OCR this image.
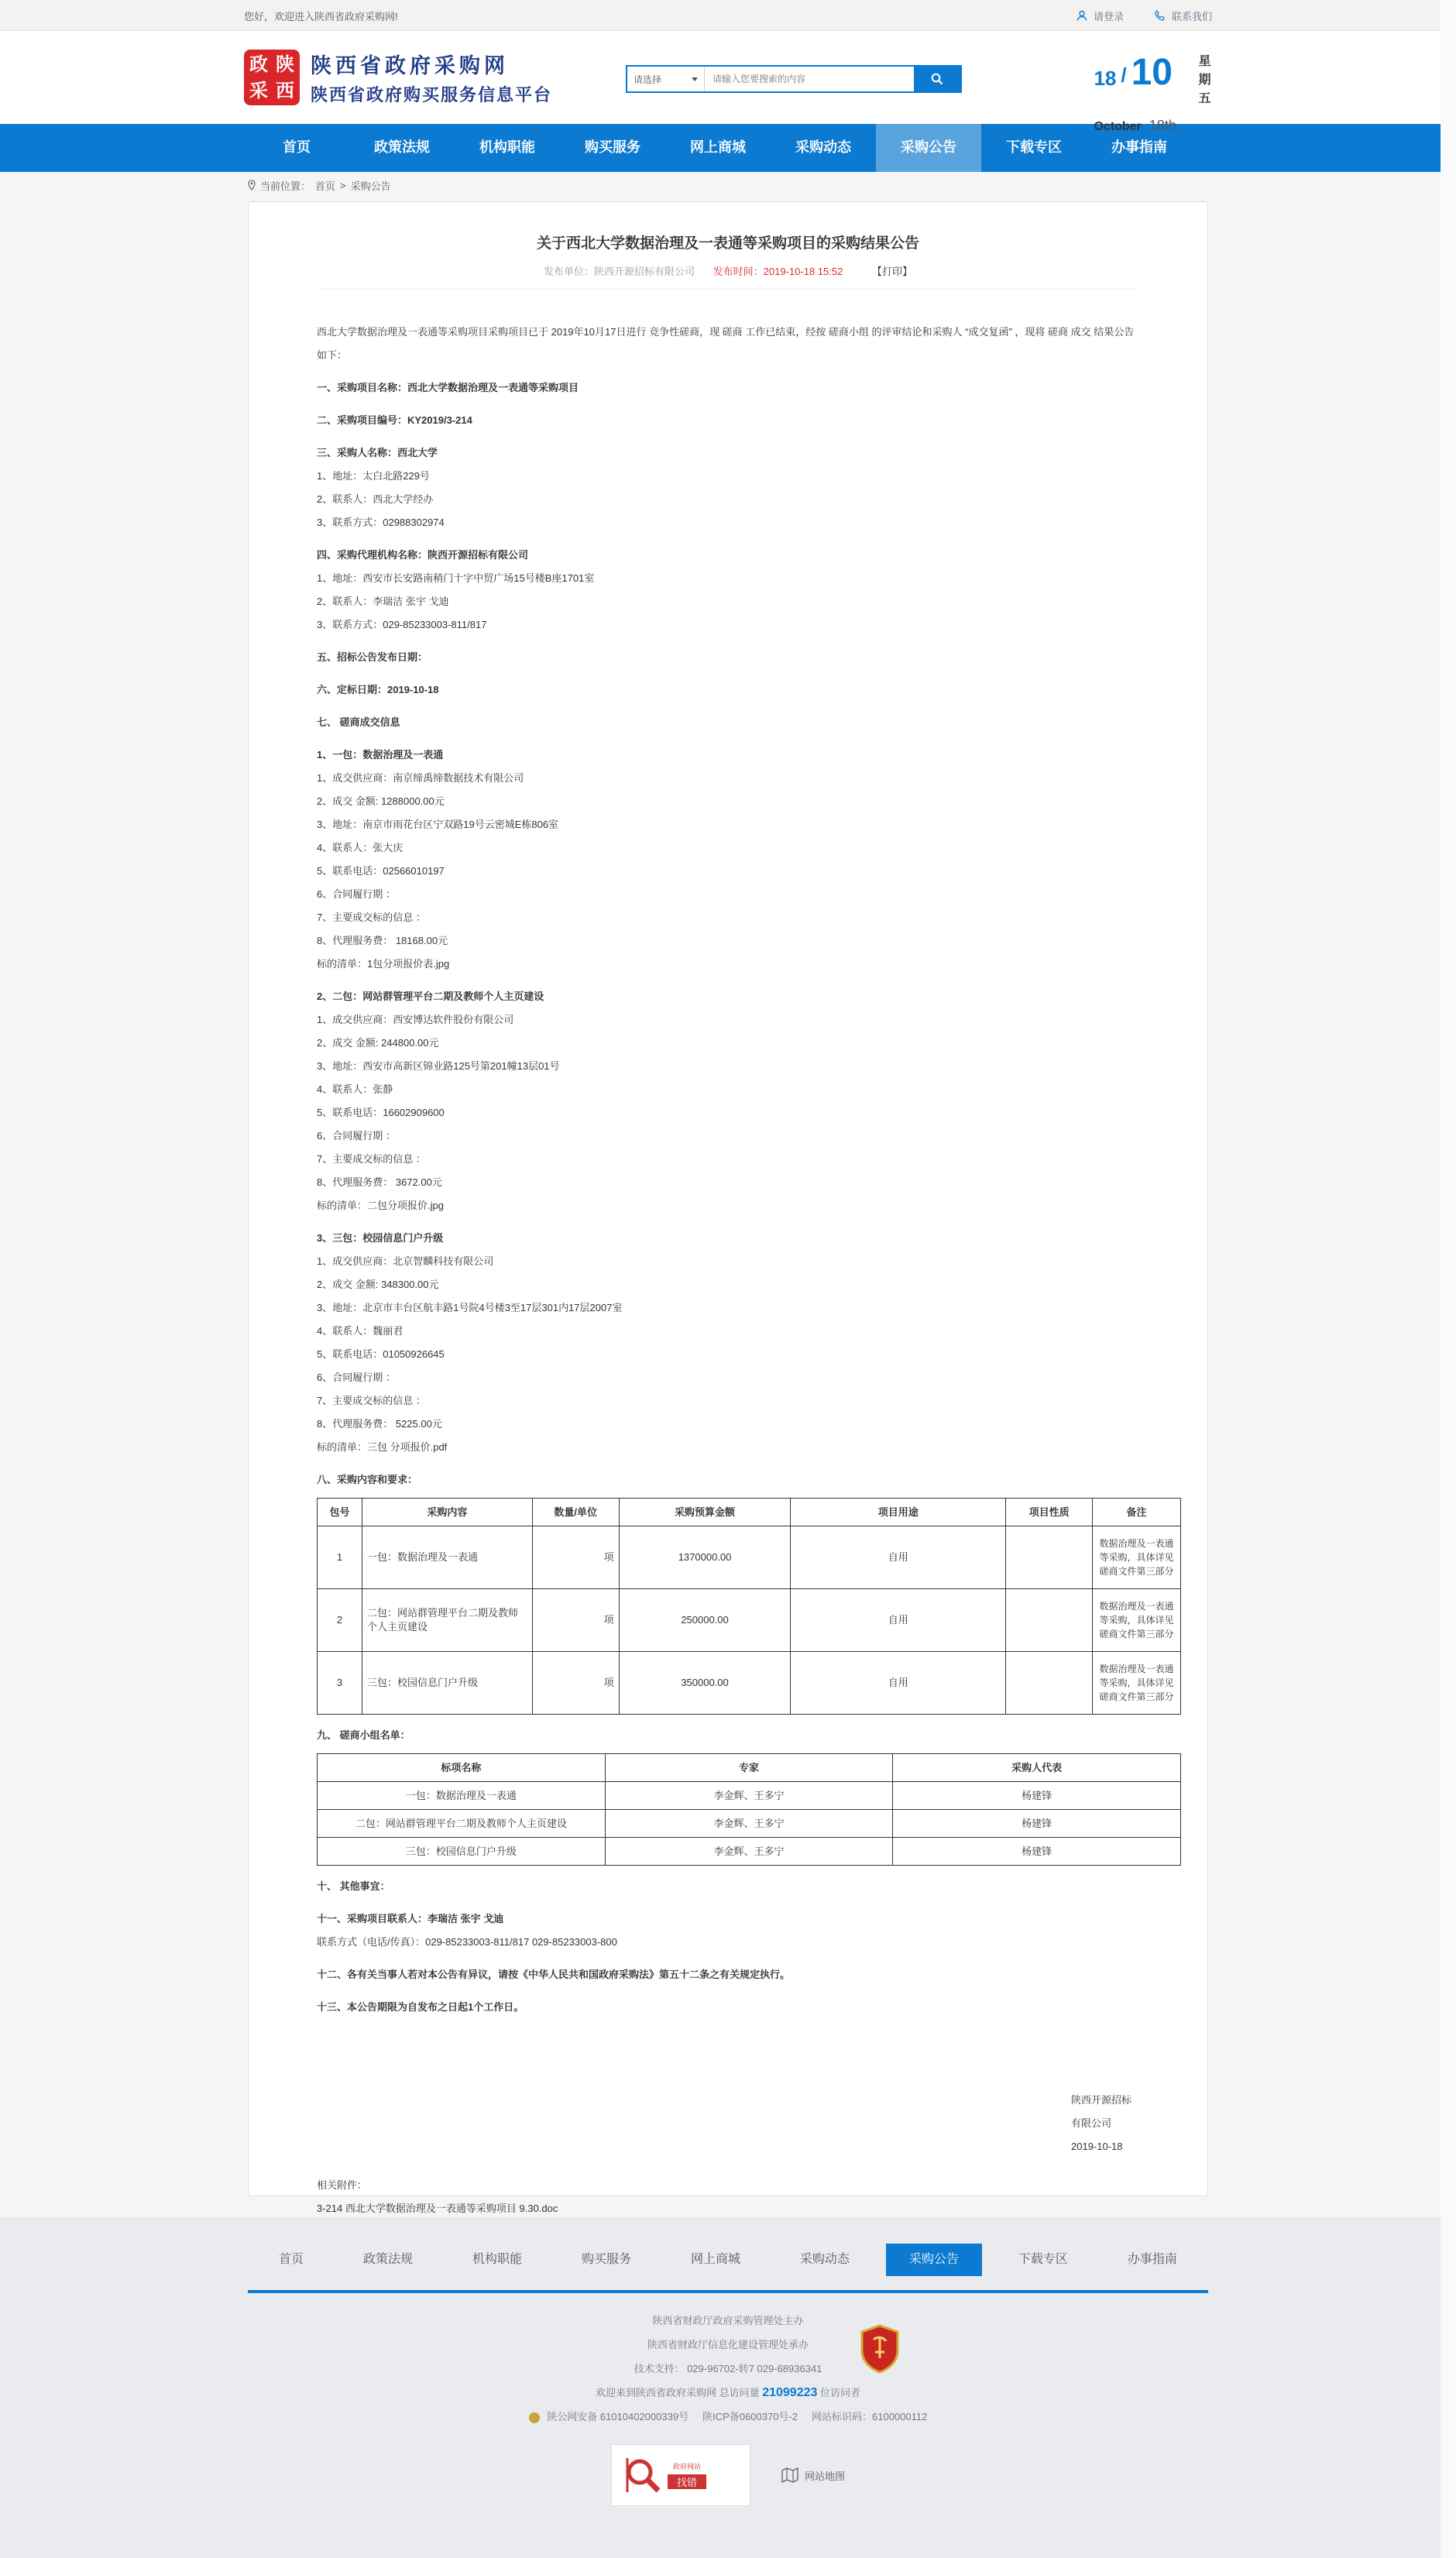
您好，欢迎进入陕西省政府采购网!	请登录	联系我们
政 陕
采 西
陕西省政府采购网
陕西省政府购买服务信息平台
请选择
请输入您要搜索的内容	18 / 10 星期五
October 18th
首页	政策法规	机构职能	购买服务	网上商城	采购动态	采购公告	下载专区	办事指南
当前位置： 首页 > 采购公告
关于西北大学数据治理及一表通等采购项目的采购结果公告
发布单位：陕西开源招标有限公司 发布时间：2019-10-18 15:52	【打印】

西北大学数据治理及一表通等采购项目采购项目已于 2019年10月17日进行 竞争性磋商，现 磋商 工作已结束，经按 磋商小组 的评审结论和采购人 “成交复函” ，现将 磋商 成交 结果公告如下：

一、采购项目名称：西北大学数据治理及一表通等采购项目

二、采购项目编号：KY2019/3-214

三、采购人名称：西北大学

1、地址：太白北路229号

2、联系人：西北大学经办

3、联系方式：02988302974

四、采购代理机构名称：陕西开源招标有限公司

1、地址：西安市长安路南稍门十字中贸广场15号楼B座1701室

2、联系人：李瑞洁 张宇 戈迪

3、联系方式：029-85233003-811/817

五、招标公告发布日期：

六、定标日期：2019-10-18

七、 磋商成交信息

1、一包：数据治理及一表通

1、成交供应商：南京缔禹缔数据技术有限公司

2、成交 金额: 1288000.00元

3、地址：南京市雨花台区宁双路19号云密城E栋806室

4、联系人：张大庆

5、联系电话：02566010197

6、合同履行期 ：

7、主要成交标的信息 ：

8、代理服务费： 18168.00元

标的清单：1包分项报价表.jpg

2、二包：网站群管理平台二期及教师个人主页建设

1、成交供应商：西安博达软件股份有限公司

2、成交 金额: 244800.00元

3、地址：西安市高新区锦业路125号第201幢13层01号

4、联系人：张静

5、联系电话：16602909600

6、合同履行期 ：

7、主要成交标的信息 ：

8、代理服务费： 3672.00元

标的清单：二包分项报价.jpg

3、三包：校园信息门户升级

1、成交供应商：北京智麟科技有限公司

2、成交 金额: 348300.00元

3、地址：北京市丰台区航丰路1号院4号楼3至17层301内17层2007室

4、联系人：魏丽君

5、联系电话：01050926645

6、合同履行期 ：

7、主要成交标的信息 ：

8、代理服务费： 5225.00元

标的清单：三包 分项报价.pdf

八、采购内容和要求：

包号	采购内容	数量/单位	采购预算金额	项目用途	项目性质	备注
1	一包：数据治理及一表通	项	1370000.00	自用		数据治理及一表通等采购，具体详见磋商文件第三部分
2	二包：网站群管理平台二期及教师个人主页建设	项	250000.00	自用		数据治理及一表通等采购，具体详见磋商文件第三部分
3	三包：校园信息门户升级	项	350000.00	自用		数据治理及一表通等采购，具体详见磋商文件第三部分

九、 磋商小组名单：

标项名称	专家	采购人代表
一包：数据治理及一表通	李金辉、王多宁	杨建锋
二包：网站群管理平台二期及教师个人主页建设	李金辉、王多宁	杨建锋
三包：校园信息门户升级	李金辉、王多宁	杨建锋

十、 其他事宜：

十一、采购项目联系人：李瑞洁 张宇 戈迪

联系方式（电话/传真）：029-85233003-811/817 029-85233003-800

十二、各有关当事人若对本公告有异议，请按《中华人民共和国政府采购法》第五十二条之有关规定执行。

十三、本公告期限为自发布之日起1个工作日。

陕西开源招标有限公司

2019-10-18

相关附件：

3-214 西北大学数据治理及一表通等采购项目 9.30.doc

首页	政策法规	机构职能	购买服务	网上商城	采购动态	采购公告	下载专区	办事指南
陕西省财政厅政府采购管理处主办
陕西省财政厅信息化建设管理处承办
技术支持： 029-96702-转7 029-68936341
欢迎来到陕西省政府采购网 总访问量 21099223 位访问者
陕公网安备 61010402000339号 陕ICP备0600370号-2 网站标识码：6100000112
政府网站
找错
网站地图
